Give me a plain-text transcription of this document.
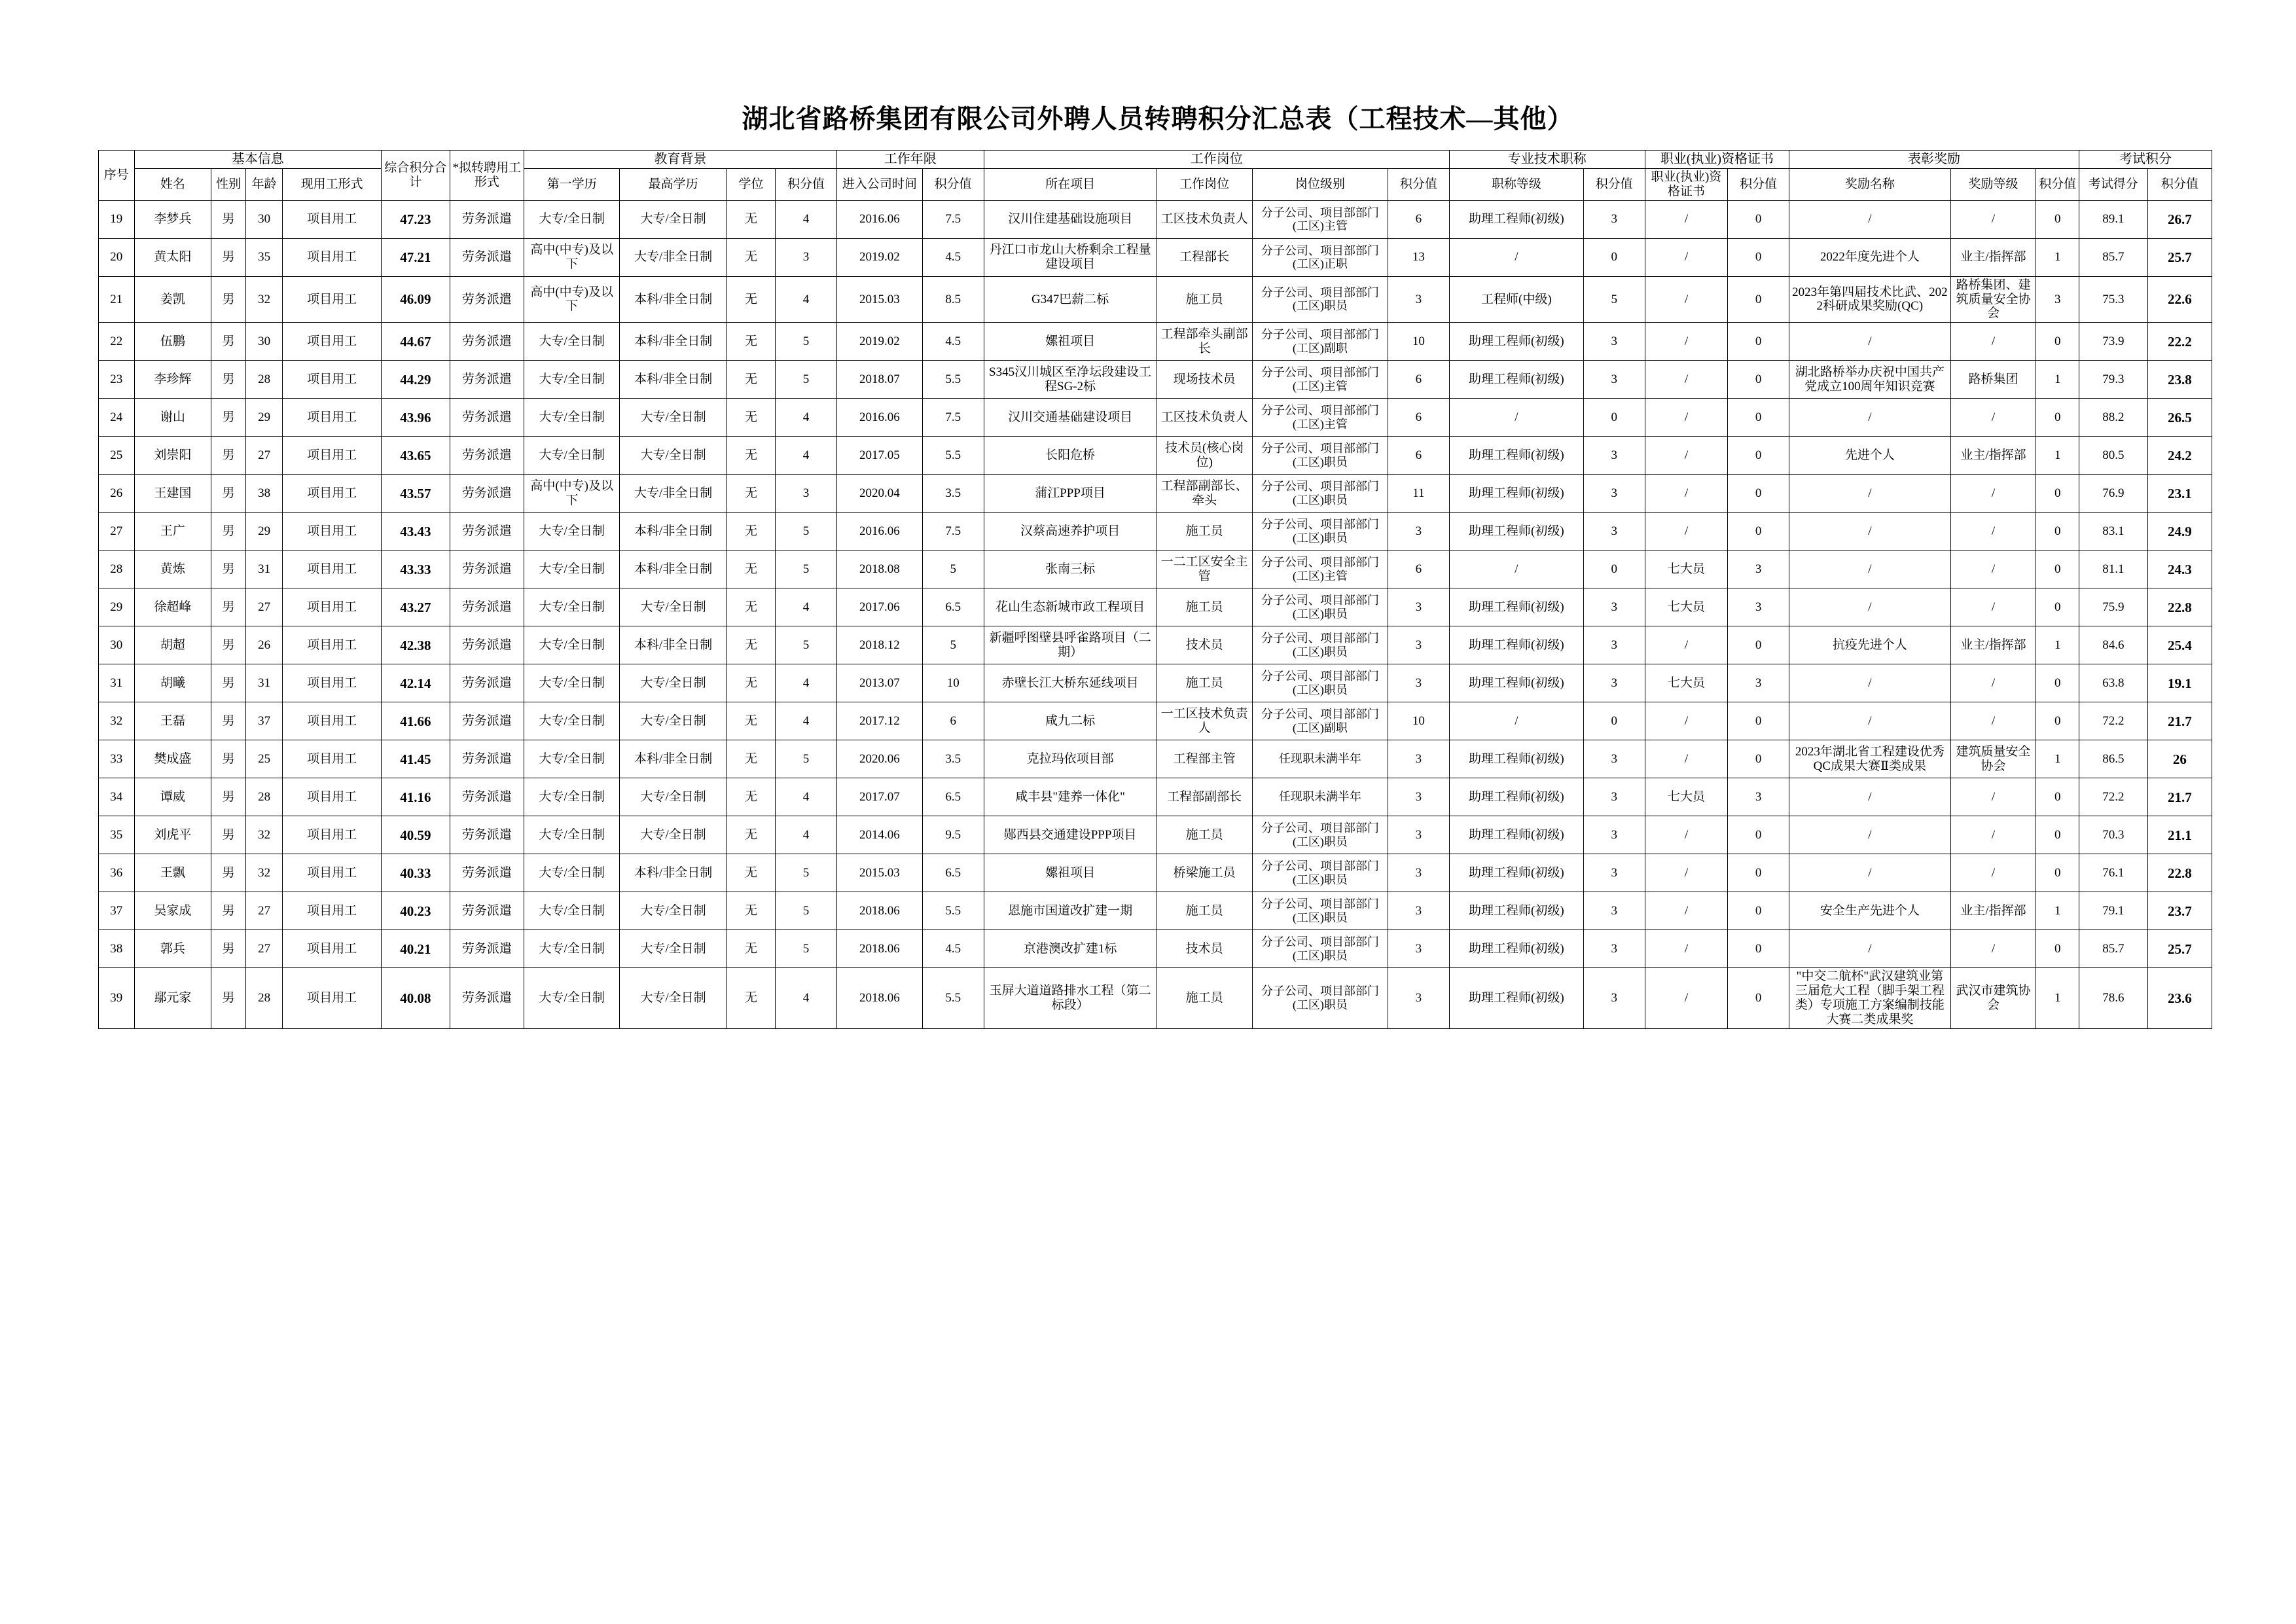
湖北省路桥集团有限公司外聘人员转聘积分汇总表（工程技术—其他）
序号	基本信息				综合积分合计	*拟转聘用工形式	教育背景				工作年限		工作岗位				专业技术职称		职业(执业)资格证书		表彰奖励			考试积分	
	姓名	性别	年龄	现用工形式			第一学历	最高学历	学位	积分值	进入公司时间	积分值	所在项目	工作岗位	岗位级别	积分值	职称等级	积分值	职业(执业)资格证书	积分值	奖励名称	奖励等级	积分值	考试得分	积分值
19	李梦兵	男	30	项目用工	47.23	劳务派遣	大专/全日制	大专/全日制	无	4	2016.06	7.5	汉川住建基础设施项目	工区技术负责人	分子公司、项目部部门(工区)主管	6	助理工程师(初级)	3	/	0	/	/	0	89.1	26.7
20	黄太阳	男	35	项目用工	47.21	劳务派遣	高中(中专)及以下	大专/非全日制	无	3	2019.02	4.5	丹江口市龙山大桥剩余工程量建设项目	工程部长	分子公司、项目部部门(工区)正职	13	/	0	/	0	2022年度先进个人	业主/指挥部	1	85.7	25.7
21	姜凯	男	32	项目用工	46.09	劳务派遣	高中(中专)及以下	本科/非全日制	无	4	2015.03	8.5	G347巴薪二标	施工员	分子公司、项目部部门(工区)职员	3	工程师(中级)	5	/	0	2023年第四届技术比武、2022科研成果奖励(QC)	路桥集团、建筑质量安全协会	3	75.3	22.6
22	伍鹏	男	30	项目用工	44.67	劳务派遣	大专/全日制	本科/非全日制	无	5	2019.02	4.5	嫘祖项目	工程部牵头副部长	分子公司、项目部部门(工区)副职	10	助理工程师(初级)	3	/	0	/	/	0	73.9	22.2
23	李珍辉	男	28	项目用工	44.29	劳务派遣	大专/全日制	本科/非全日制	无	5	2018.07	5.5	S345汉川城区至净坛段建设工程SG-2标	现场技术员	分子公司、项目部部门(工区)主管	6	助理工程师(初级)	3	/	0	湖北路桥举办庆祝中国共产党成立100周年知识竞赛	路桥集团	1	79.3	23.8
24	谢山	男	29	项目用工	43.96	劳务派遣	大专/全日制	大专/全日制	无	4	2016.06	7.5	汉川交通基础建设项目	工区技术负责人	分子公司、项目部部门(工区)主管	6	/	0	/	0	/	/	0	88.2	26.5
25	刘崇阳	男	27	项目用工	43.65	劳务派遣	大专/全日制	大专/全日制	无	4	2017.05	5.5	长阳危桥	技术员(核心岗位)	分子公司、项目部部门(工区)职员	6	助理工程师(初级)	3	/	0	先进个人	业主/指挥部	1	80.5	24.2
26	王建国	男	38	项目用工	43.57	劳务派遣	高中(中专)及以下	大专/非全日制	无	3	2020.04	3.5	蒲江PPP项目	工程部副部长、牵头	分子公司、项目部部门(工区)职员	11	助理工程师(初级)	3	/	0	/	/	0	76.9	23.1
27	王广	男	29	项目用工	43.43	劳务派遣	大专/全日制	本科/非全日制	无	5	2016.06	7.5	汉蔡高速养护项目	施工员	分子公司、项目部部门(工区)职员	3	助理工程师(初级)	3	/	0	/	/	0	83.1	24.9
28	黄炼	男	31	项目用工	43.33	劳务派遣	大专/全日制	本科/非全日制	无	5	2018.08	5	张南三标	一二工区安全主管	分子公司、项目部部门(工区)主管	6	/	0	七大员	3	/	/	0	81.1	24.3
29	徐超峰	男	27	项目用工	43.27	劳务派遣	大专/全日制	大专/全日制	无	4	2017.06	6.5	花山生态新城市政工程项目	施工员	分子公司、项目部部门(工区)职员	3	助理工程师(初级)	3	七大员	3	/	/	0	75.9	22.8
30	胡超	男	26	项目用工	42.38	劳务派遣	大专/全日制	本科/非全日制	无	5	2018.12	5	新疆呼图壁县呼雀路项目（二期）	技术员	分子公司、项目部部门(工区)职员	3	助理工程师(初级)	3	/	0	抗疫先进个人	业主/指挥部	1	84.6	25.4
31	胡曦	男	31	项目用工	42.14	劳务派遣	大专/全日制	大专/全日制	无	4	2013.07	10	赤壁长江大桥东延线项目	施工员	分子公司、项目部部门(工区)职员	3	助理工程师(初级)	3	七大员	3	/	/	0	63.8	19.1
32	王磊	男	37	项目用工	41.66	劳务派遣	大专/全日制	大专/全日制	无	4	2017.12	6	咸九二标	一工区技术负责人	分子公司、项目部部门(工区)副职	10	/	0	/	0	/	/	0	72.2	21.7
33	樊成盛	男	25	项目用工	41.45	劳务派遣	大专/全日制	本科/非全日制	无	5	2020.06	3.5	克拉玛依项目部	工程部主管	任现职未满半年	3	助理工程师(初级)	3	/	0	2023年湖北省工程建设优秀QC成果大赛Ⅱ类成果	建筑质量安全协会	1	86.5	26
34	谭威	男	28	项目用工	41.16	劳务派遣	大专/全日制	大专/全日制	无	4	2017.07	6.5	咸丰县"建养一体化"	工程部副部长	任现职未满半年	3	助理工程师(初级)	3	七大员	3	/	/	0	72.2	21.7
35	刘虎平	男	32	项目用工	40.59	劳务派遣	大专/全日制	大专/全日制	无	4	2014.06	9.5	郧西县交通建设PPP项目	施工员	分子公司、项目部部门(工区)职员	3	助理工程师(初级)	3	/	0	/	/	0	70.3	21.1
36	王飘	男	32	项目用工	40.33	劳务派遣	大专/全日制	本科/非全日制	无	5	2015.03	6.5	嫘祖项目	桥梁施工员	分子公司、项目部部门(工区)职员	3	助理工程师(初级)	3	/	0	/	/	0	76.1	22.8
37	吴家成	男	27	项目用工	40.23	劳务派遣	大专/全日制	大专/全日制	无	5	2018.06	5.5	恩施市国道改扩建一期	施工员	分子公司、项目部部门(工区)职员	3	助理工程师(初级)	3	/	0	安全生产先进个人	业主/指挥部	1	79.1	23.7
38	郭兵	男	27	项目用工	40.21	劳务派遣	大专/全日制	大专/全日制	无	5	2018.06	4.5	京港澳改扩建1标	技术员	分子公司、项目部部门(工区)职员	3	助理工程师(初级)	3	/	0	/	/	0	85.7	25.7
39	鄢元家	男	28	项目用工	40.08	劳务派遣	大专/全日制	大专/全日制	无	4	2018.06	5.5	玉屏大道道路排水工程（第二标段）	施工员	分子公司、项目部部门(工区)职员	3	助理工程师(初级)	3	/	0	"中交二航杯"武汉建筑业第三届危大工程（脚手架工程类）专项施工方案编制技能大赛二类成果奖	武汉市建筑协会	1	78.6	23.6
